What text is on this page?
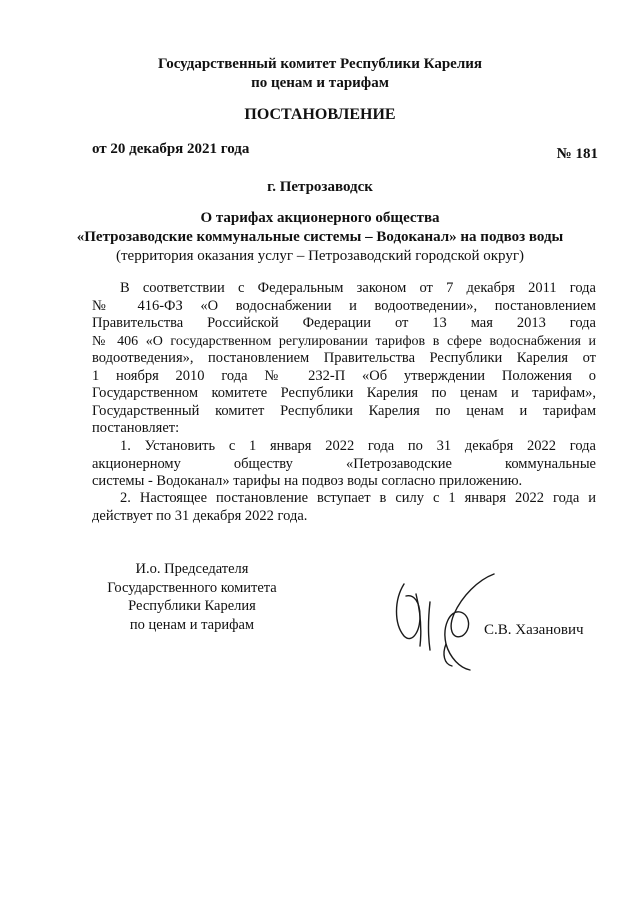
Государственный комитет Республики Карелия
по ценам и тарифам
ПОСТАНОВЛЕНИЕ
от 20 декабря 2021 года	№ 181
г. Петрозаводск
О тарифах акционерного общества
«Петрозаводские коммунальные системы – Водоканал» на подвоз воды
(территория оказания услуг – Петрозаводский городской округ)
В соответствии с Федеральным законом от 7 декабря 2011 года
№ 416-ФЗ «О водоснабжении и водоотведении», постановлением
Правительства Российской Федерации от 13 мая 2013 года
№ 406 «О государственном регулировании тарифов в сфере водоснабжения и
водоотведения», постановлением Правительства Республики Карелия от
1 ноября 2010 года № 232-П «Об утверждении Положения о
Государственном комитете Республики Карелия по ценам и тарифам»,
Государственный комитет Республики Карелия по ценам и тарифам
постановляет:
1. Установить с 1 января 2022 года по 31 декабря 2022 года
акционерному обществу «Петрозаводские коммунальные
системы - Водоканал» тарифы на подвоз воды согласно приложению.
2. Настоящее постановление вступает в силу с 1 января 2022 года и
действует по 31 декабря 2022 года.
И.о. Председателя
Государственного комитета
Республики Карелия
по ценам и тарифам	С.В. Хазанович
